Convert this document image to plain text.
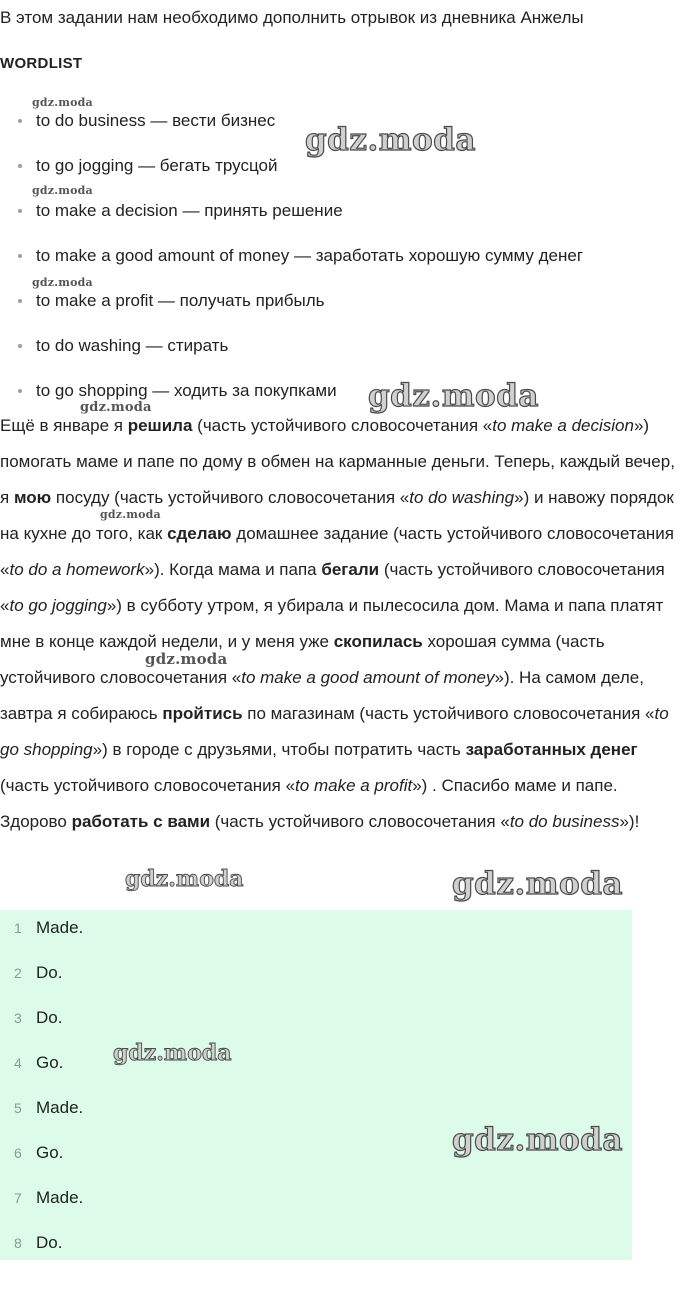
В этом задании нам необходимо дополнить отрывок из дневника Анжелы
WORDLIST
to do business — вести бизнес
to go jogging — бегать трусцой
to make a decision — принять решение
to make a good amount of money — заработать хорошую сумму денег
to make a profit — получать прибыль
to do washing — стирать
to go shopping — ходить за покупками

Ещё в январе я решила (часть устойчивого словосочетания «to make a decision») помогать маме и папе по дому в обмен на карманные деньги. Теперь, каждый вечер, я мою посуду (часть устойчивого словосочетания «to do washing») и навожу порядок на кухне до того, как сделаю домашнее задание (часть устойчивого словосочетания «to do a homework»). Когда мама и папа бегали (часть устойчивого словосочетания «to go jogging») в субботу утром, я убирала и пылесосила дом. Мама и папа платят мне в конце каждой недели, и у меня уже скопилась хорошая сумма (часть устойчивого словосочетания «to make a good amount of money»). На самом деле, завтра я собираюсь пройтись по магазинам (часть устойчивого словосочетания «to go shopping») в городе с друзьями, чтобы потратить часть заработанных денег (часть устойчивого словосочетания «to make a profit») . Спасибо маме и папе. Здорово работать с вами (часть устойчивого словосочетания «to do business»)!

1 Made.
2 Do.
3 Do.
4 Go.
5 Made.
6 Go.
7 Made.
8 Do.
gdz.moda
gdz.moda
gdz.moda
gdz.moda
gdz.moda
gdz.moda
gdz.moda
gdz.moda
gdz.moda	gdz.moda
gdz.moda
gdz.moda
